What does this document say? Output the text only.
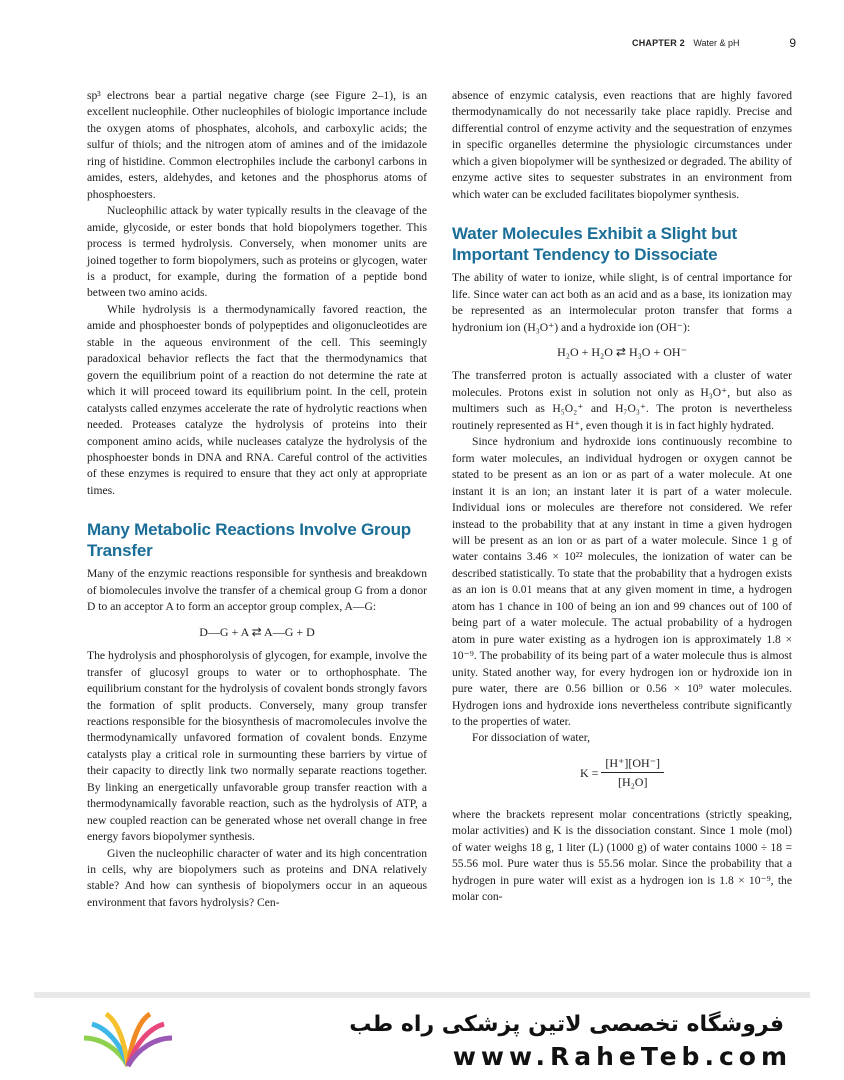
CHAPTER 2 Water & pH	9

sp³ electrons bear a partial negative charge (see Figure 2–1), is an excellent nucleophile. Other nucleophiles of biologic importance include the oxygen atoms of phosphates, alcohols, and carboxylic acids; the sulfur of thiols; and the nitrogen atom of amines and of the imidazole ring of histidine. Common electrophiles include the carbonyl carbons in amides, esters, aldehydes, and ketones and the phosphorus atoms of phosphoesters.

Nucleophilic attack by water typically results in the cleavage of the amide, glycoside, or ester bonds that hold biopolymers together. This process is termed hydrolysis. Conversely, when monomer units are joined together to form biopolymers, such as proteins or glycogen, water is a product, for example, during the formation of a peptide bond between two amino acids.

While hydrolysis is a thermodynamically favored reaction, the amide and phosphoester bonds of polypeptides and oligonucleotides are stable in the aqueous environment of the cell. This seemingly paradoxical behavior reflects the fact that the thermodynamics that govern the equilibrium point of a reaction do not determine the rate at which it will proceed toward its equilibrium point. In the cell, protein catalysts called enzymes accelerate the rate of hydrolytic reactions when needed. Proteases catalyze the hydrolysis of proteins into their component amino acids, while nucleases catalyze the hydrolysis of the phosphoester bonds in DNA and RNA. Careful control of the activities of these enzymes is required to ensure that they act only at appropriate times.

Many Metabolic Reactions Involve Group Transfer

Many of the enzymic reactions responsible for synthesis and breakdown of biomolecules involve the transfer of a chemical group G from a donor D to an acceptor A to form an acceptor group complex, A—G:

D—G + A ⇄ A—G + D

The hydrolysis and phosphorolysis of glycogen, for example, involve the transfer of glucosyl groups to water or to orthophosphate. The equilibrium constant for the hydrolysis of covalent bonds strongly favors the formation of split products. Conversely, many group transfer reactions responsible for the biosynthesis of macromolecules involve the thermodynamically unfavored formation of covalent bonds. Enzyme catalysts play a critical role in surmounting these barriers by virtue of their capacity to directly link two normally separate reactions together. By linking an energetically unfavorable group transfer reaction with a thermodynamically favorable reaction, such as the hydrolysis of ATP, a new coupled reaction can be generated whose net overall change in free energy favors biopolymer synthesis.

Given the nucleophilic character of water and its high concentration in cells, why are biopolymers such as proteins and DNA relatively stable? And how can synthesis of biopolymers occur in an aqueous environment that favors hydrolysis? Cen-

absence of enzymic catalysis, even reactions that are highly favored thermodynamically do not necessarily take place rapidly. Precise and differential control of enzyme activity and the sequestration of enzymes in specific organelles determine the physiologic circumstances under which a given biopolymer will be synthesized or degraded. The ability of enzyme active sites to sequester substrates in an environment from which water can be excluded facilitates biopolymer synthesis.

Water Molecules Exhibit a Slight but Important Tendency to Dissociate

The ability of water to ionize, while slight, is of central importance for life. Since water can act both as an acid and as a base, its ionization may be represented as an intermolecular proton transfer that forms a hydronium ion (H₃O⁺) and a hydroxide ion (OH⁻):

H₂O + H₂O ⇄ H₃O + OH⁻

The transferred proton is actually associated with a cluster of water molecules. Protons exist in solution not only as H₃O⁺, but also as multimers such as H₅O₂⁺ and H₇O₃⁺. The proton is nevertheless routinely represented as H⁺, even though it is in fact highly hydrated.

Since hydronium and hydroxide ions continuously recombine to form water molecules, an individual hydrogen or oxygen cannot be stated to be present as an ion or as part of a water molecule. At one instant it is an ion; an instant later it is part of a water molecule. Individual ions or molecules are therefore not considered. We refer instead to the probability that at any instant in time a given hydrogen will be present as an ion or as part of a water molecule. Since 1 g of water contains 3.46 × 10²² molecules, the ionization of water can be described statistically. To state that the probability that a hydrogen exists as an ion is 0.01 means that at any given moment in time, a hydrogen atom has 1 chance in 100 of being an ion and 99 chances out of 100 of being part of a water molecule. The actual probability of a hydrogen atom in pure water existing as a hydrogen ion is approximately 1.8 × 10⁻⁹. The probability of its being part of a water molecule thus is almost unity. Stated another way, for every hydrogen ion or hydroxide ion in pure water, there are 0.56 billion or 0.56 × 10⁹ water molecules. Hydrogen ions and hydroxide ions nevertheless contribute significantly to the properties of water.

For dissociation of water,

$K = \frac{[H^+][OH^-]}{\text{[H₂O]}}$

where the brackets represent molar concentrations (strictly speaking, molar activities) and K is the dissociation constant. Since 1 mole (mol) of water weighs 18 g, 1 liter (L) (1000 g) of water contains 1000 ÷ 18 = 55.56 mol. Pure water thus is 55.56 molar. Since the probability that a hydrogen in pure water will exist as a hydrogen ion is 1.8 × 10⁻⁹, the molar con-

فروشگاه تخصصی لاتین پزشکی راه طب
www.RaheTeb.com
